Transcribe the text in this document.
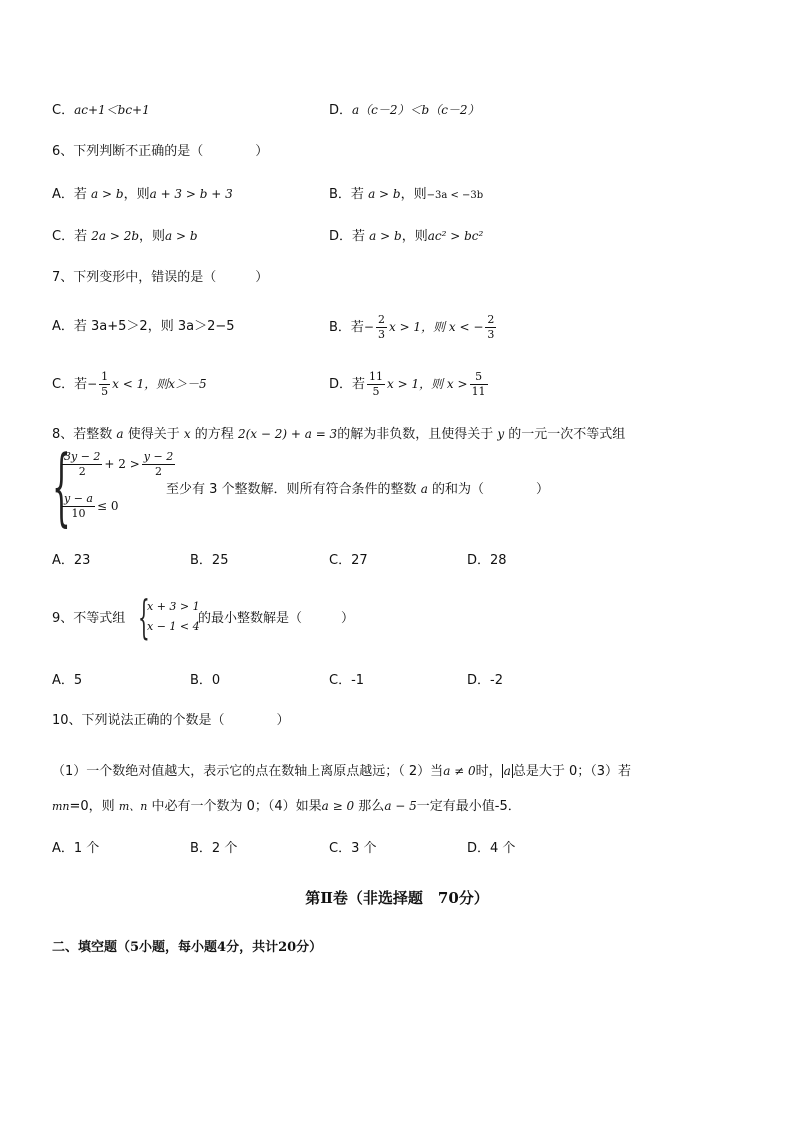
C．ac+1＜bc+1	D．a（c－2）＜b（c－2）
6、下列判断不正确的是（　　　　）
A．若 a > b，则a + 3 > b + 3	B．若 a > b，则−3a < −3b
C．若 2a > 2b，则a > b	D．若 a > b，则ac² > bc²
7、下列变形中，错误的是（　　　）
A．若 3a+5＞2，则 3a＞2−5	B．若− $\frac{2}{3}$ x > 1，则 x < − $\frac{2}{3}$
C．若− $\frac{1}{5}$ x < 1，则x＞－5	D．若 $\frac{11}{5}$ x > 1，则 $x > \frac{5}{11}$
8、若整数 a 使得关于 x 的方程 2(x − 2) + a = 3的解为非负数，且使得关于 y 的一元一次不等式组
{
$\frac{3y - 2}{2} + 2 > \frac{y - 2}{2}$
$\frac{y - a}{10} \le 0$
至少有 3 个整数解．则所有符合条件的整数 a 的和为（　　　　）
A．23	B．25	C．27	D．28
9、不等式组 {
x + 3 > 1
x − 1 < 4
的最小整数解是（　　　）
A．5	B．0	C．-1	D．-2
10、下列说法正确的个数是（　　　　）
（1）一个数绝对值越大，表示它的点在数轴上离原点越远；（ 2）当a ≠ 0时， a 总是大于 0；（3）若
mn=0，则 m、n 中必有一个数为 0；（4）如果a ≥ 0 那么a − 5一定有最小值-5．
A．1 个	B．2 个	C．3 个	D．4 个
第Ⅱ卷（非选择题　70分）
二、填空题（5小题，每小题4分，共计20分）
